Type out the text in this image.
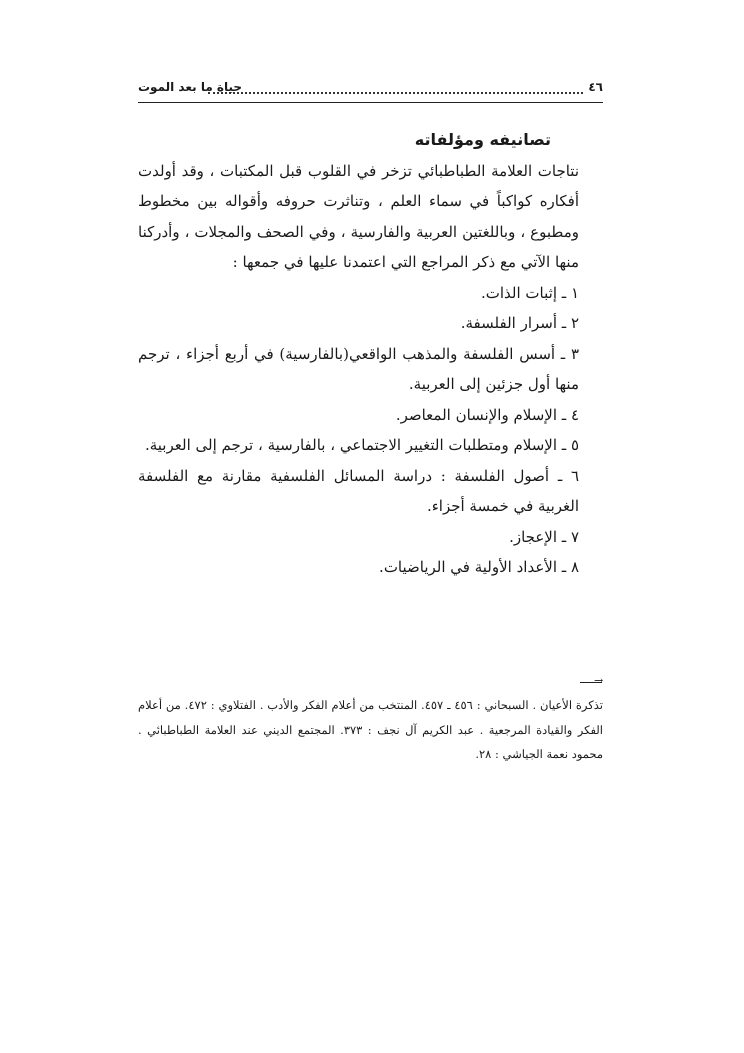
٤٦
حياة ما بعد الموت

تصانيفه ومؤلفاته

نتاجات العلامة الطباطبائي تزخر في القلوب قبل المكتبات ، وقد أولدت أفكاره كواكباً في سماء العلم ، وتناثرت حروفه وأقواله بين مخطوط ومطبوع ، وباللغتين العربية والفارسية ، وفي الصحف والمجلات ، وأدركنا منها الآتي مع ذكر المراجع التي اعتمدنا عليها في جمعها :

١ ـ إثبات الذات.

٢ ـ أسرار الفلسفة.

٣ ـ أسس الفلسفة والمذهب الواقعي(بالفارسية) في أربع أجزاء ، ترجم منها أول جزئين إلى العربية.

٤ ـ الإسلام والإنسان المعاصر.

٥ ـ الإسلام ومتطلبات التغيير الاجتماعي ، بالفارسية ، ترجم إلى العربية.

٦ ـ أصول الفلسفة : دراسة المسائل الفلسفية مقارنة مع الفلسفة الغربية في خمسة أجزاء.

٧ ـ الإعجاز.

٨ ـ الأعداد الأولية في الرياضيات.

→

تذكرة الأعيان . السبحاني : ٤٥٦ ـ ٤٥٧. المنتخب من أعلام الفكر والأدب . الفتلاوي : ٤٧٢. من أعلام الفكر والقيادة المرجعية . عبد الكريم آل نجف : ٣٧٣. المجتمع الديني عند العلامة الطباطبائي . محمود نعمة الجياشي : ٢٨.
